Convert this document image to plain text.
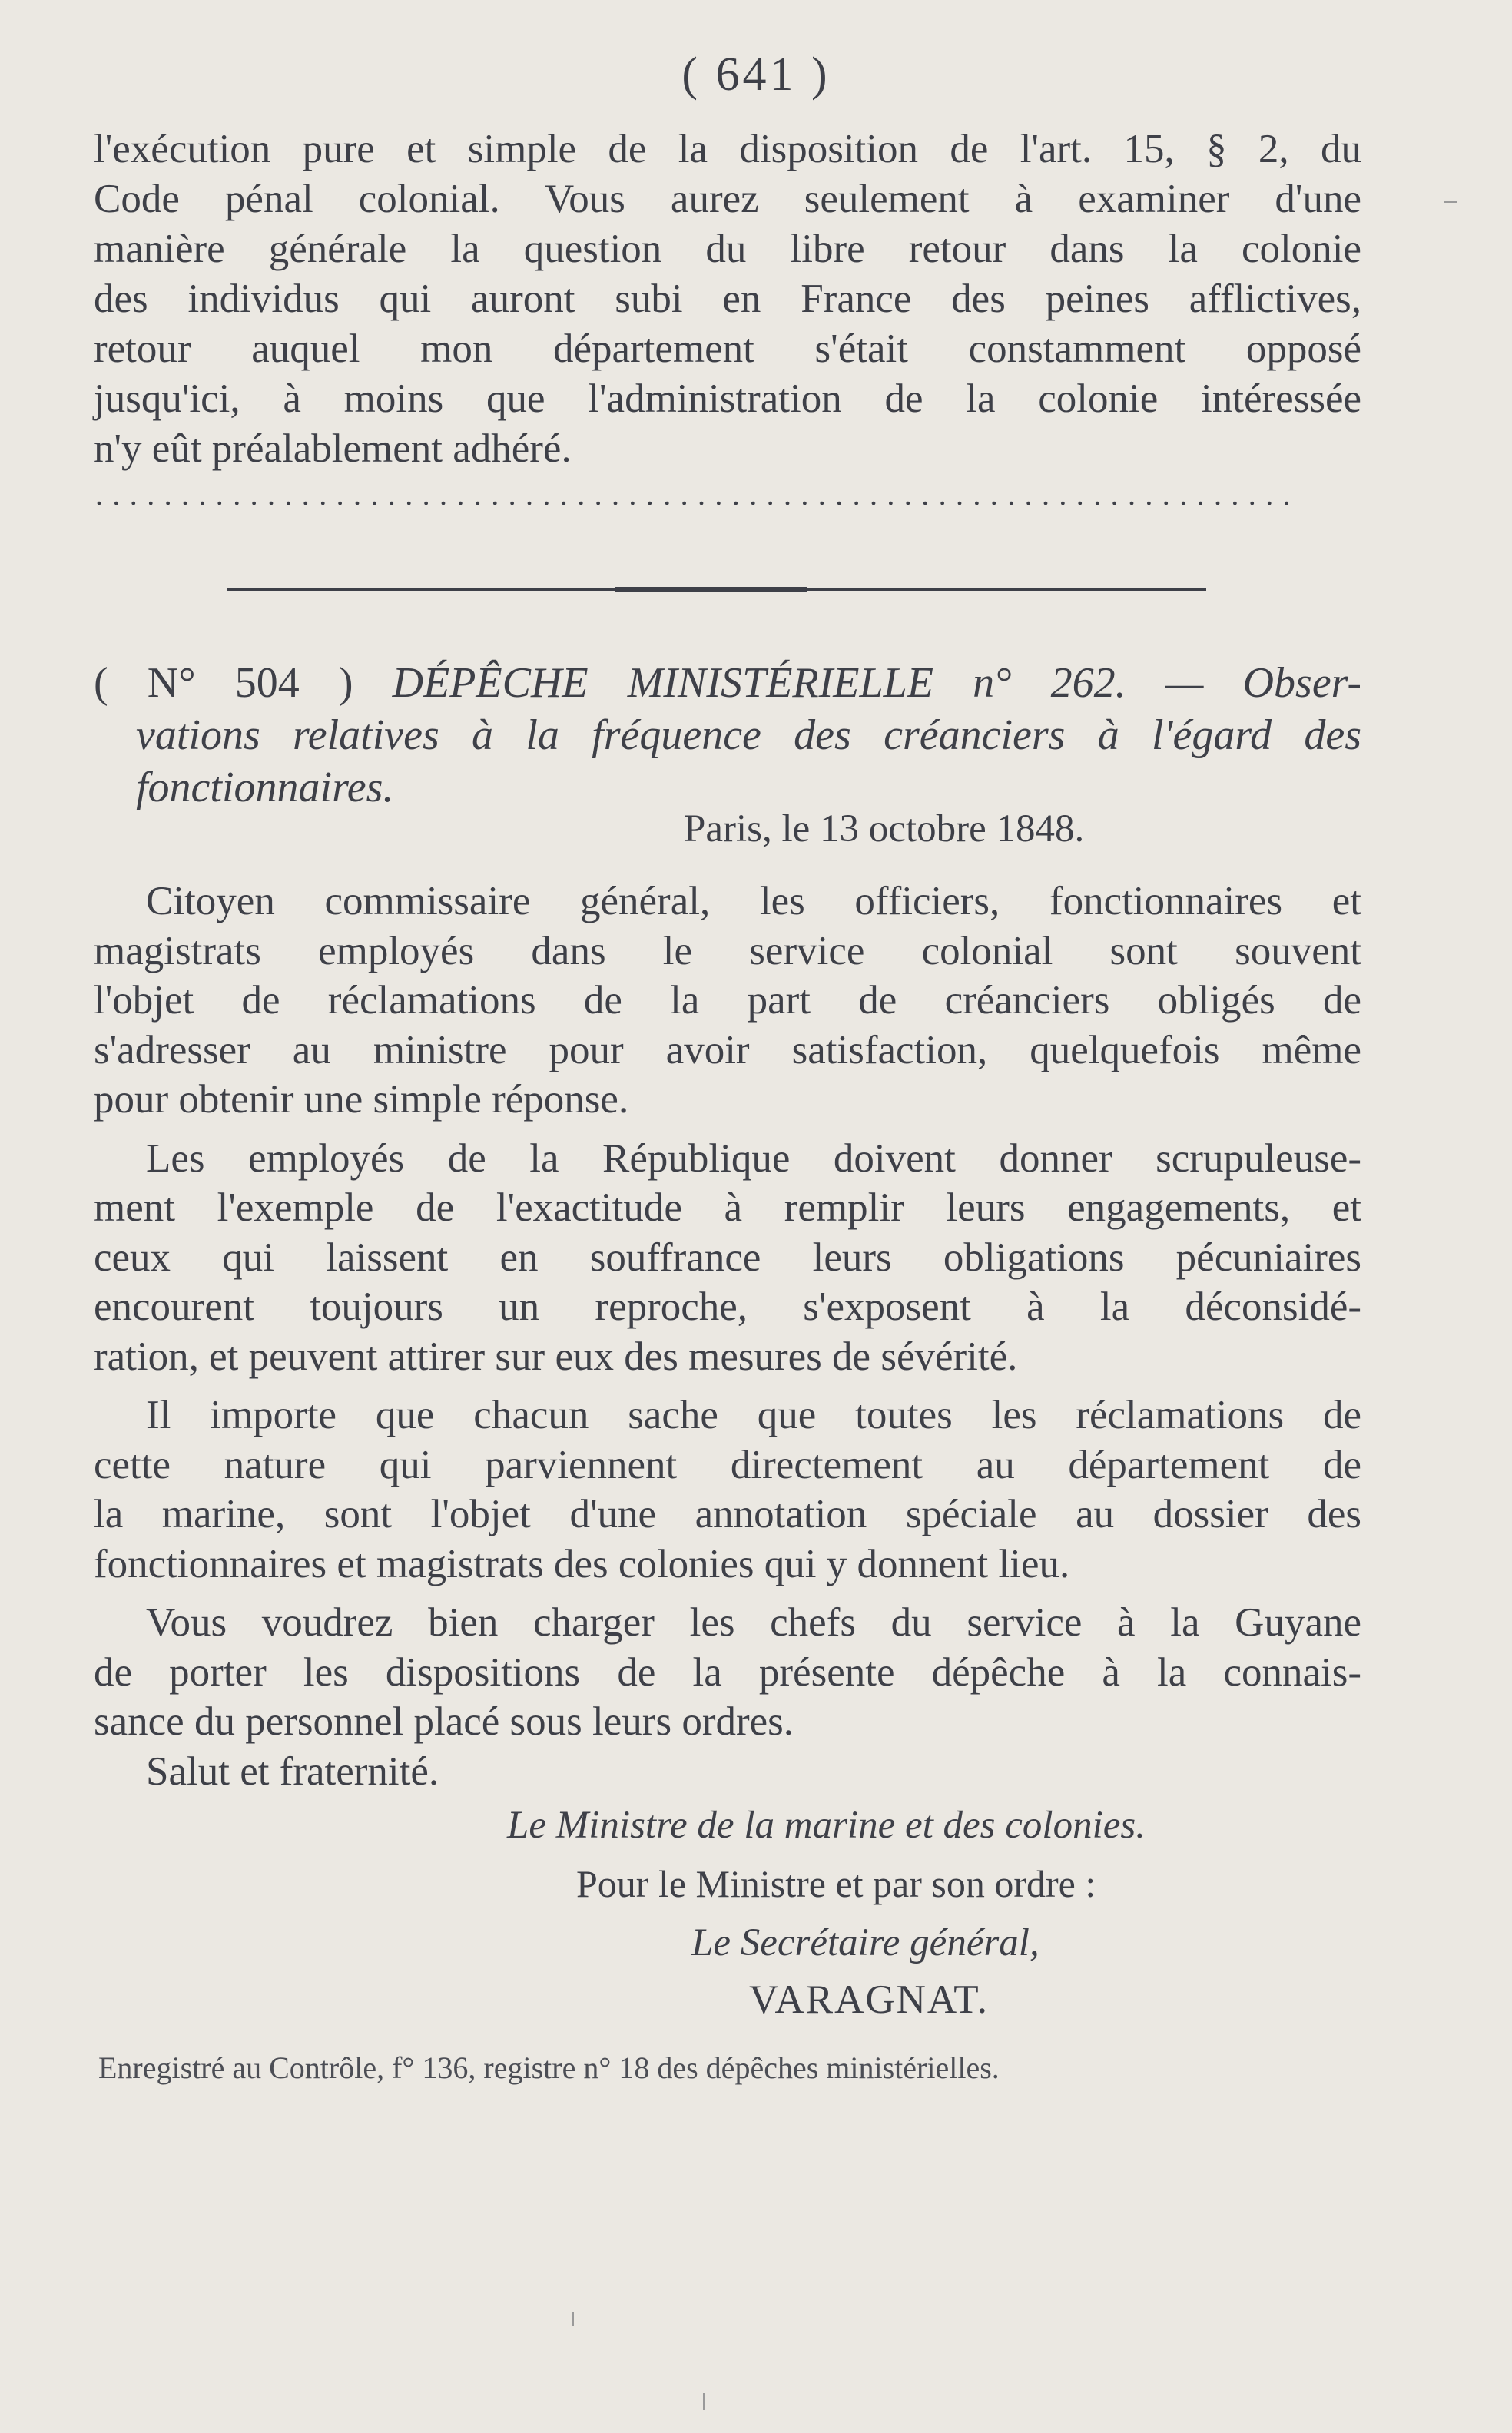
( 641 )
l'exécution pure et simple de la disposition de l'art. 15, § 2, du
Code pénal colonial. Vous aurez seulement à examiner d'une
manière générale la question du libre retour dans la colonie
des individus qui auront subi en France des peines afflictives,
retour auquel mon département s'était constamment opposé
jusqu'ici, à moins que l'administration de la colonie intéressée
n'y eût préalablement adhéré.
......................................................................
( N° 504 ) DÉPÊCHE MINISTÉRIELLE n° 262. — Obser-
vations relatives à la fréquence des créanciers à l'égard des
fonctionnaires.
Paris, le 13 octobre 1848.
Citoyen commissaire général, les officiers, fonctionnaires et
magistrats employés dans le service colonial sont souvent
l'objet de réclamations de la part de créanciers obligés de
s'adresser au ministre pour avoir satisfaction, quelquefois même
pour obtenir une simple réponse.
Les employés de la République doivent donner scrupuleuse-
ment l'exemple de l'exactitude à remplir leurs engagements, et
ceux qui laissent en souffrance leurs obligations pécuniaires
encourent toujours un reproche, s'exposent à la déconsidé-
ration, et peuvent attirer sur eux des mesures de sévérité.
Il importe que chacun sache que toutes les réclamations de
cette nature qui parviennent directement au département de
la marine, sont l'objet d'une annotation spéciale au dossier des
fonctionnaires et magistrats des colonies qui y donnent lieu.
Vous voudrez bien charger les chefs du service à la Guyane
de porter les dispositions de la présente dépêche à la connais-
sance du personnel placé sous leurs ordres.
Salut et fraternité.
Le Ministre de la marine et des colonies.
Pour le Ministre et par son ordre :
Le Secrétaire général,
VARAGNAT.
Enregistré au Contrôle, f° 136, registre n° 18 des dépêches ministérielles.
